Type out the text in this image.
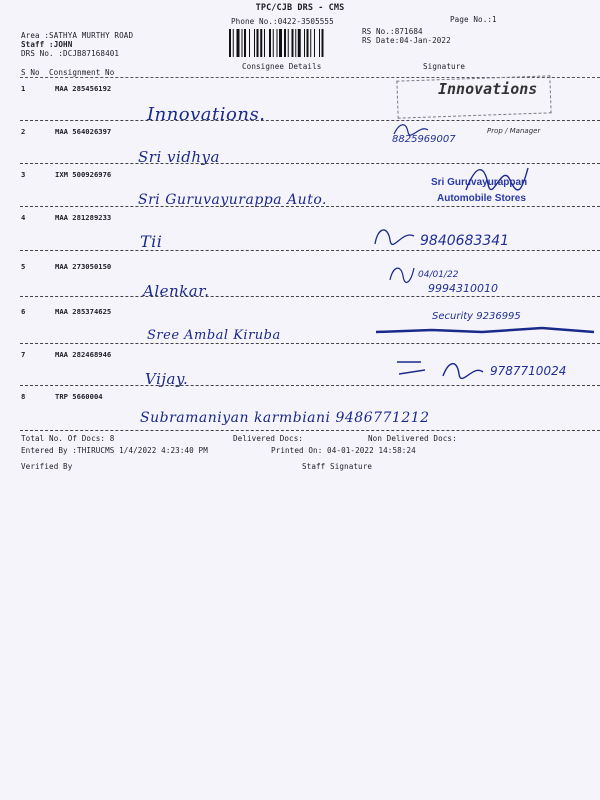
TPC/CJB DRS - CMS
Phone No.:0422-3505555	Page No.:1
RS No.:871684
RS Date:04-Jan-2022
Area :SATHYA MURTHY ROAD
Staff :JOHN
DRS No. :DCJB87168401
S No Consignment No
Consignee Details	Signature
1	MAA 285456192
Innovations.
Innovations
2	MAA 564026397
Sri vidhya
8825969007
Prop / Manager
3	IXM 500926976
Sri Guruvayurappa Auto.
Sri Guruvayurappan
Automobile Stores
4	MAA 281289233
Tii	9840683341
5	MAA 273050150
Alenkar.
04/01/22
9994310010
6	MAA 285374625
Sree Ambal Kiruba
Security 9236995
7	MAA 282468946
Vijay.	9787710024
8	TRP 5660004
Subramaniyan karmbiani 9486771212
Total No. Of Docs: 8	Delivered Docs:	Non Delivered Docs:
Entered By :THIRUCMS 1/4/2022 4:23:40 PM	Printed On: 04-01-2022 14:58:24
Verified By	Staff Signature
